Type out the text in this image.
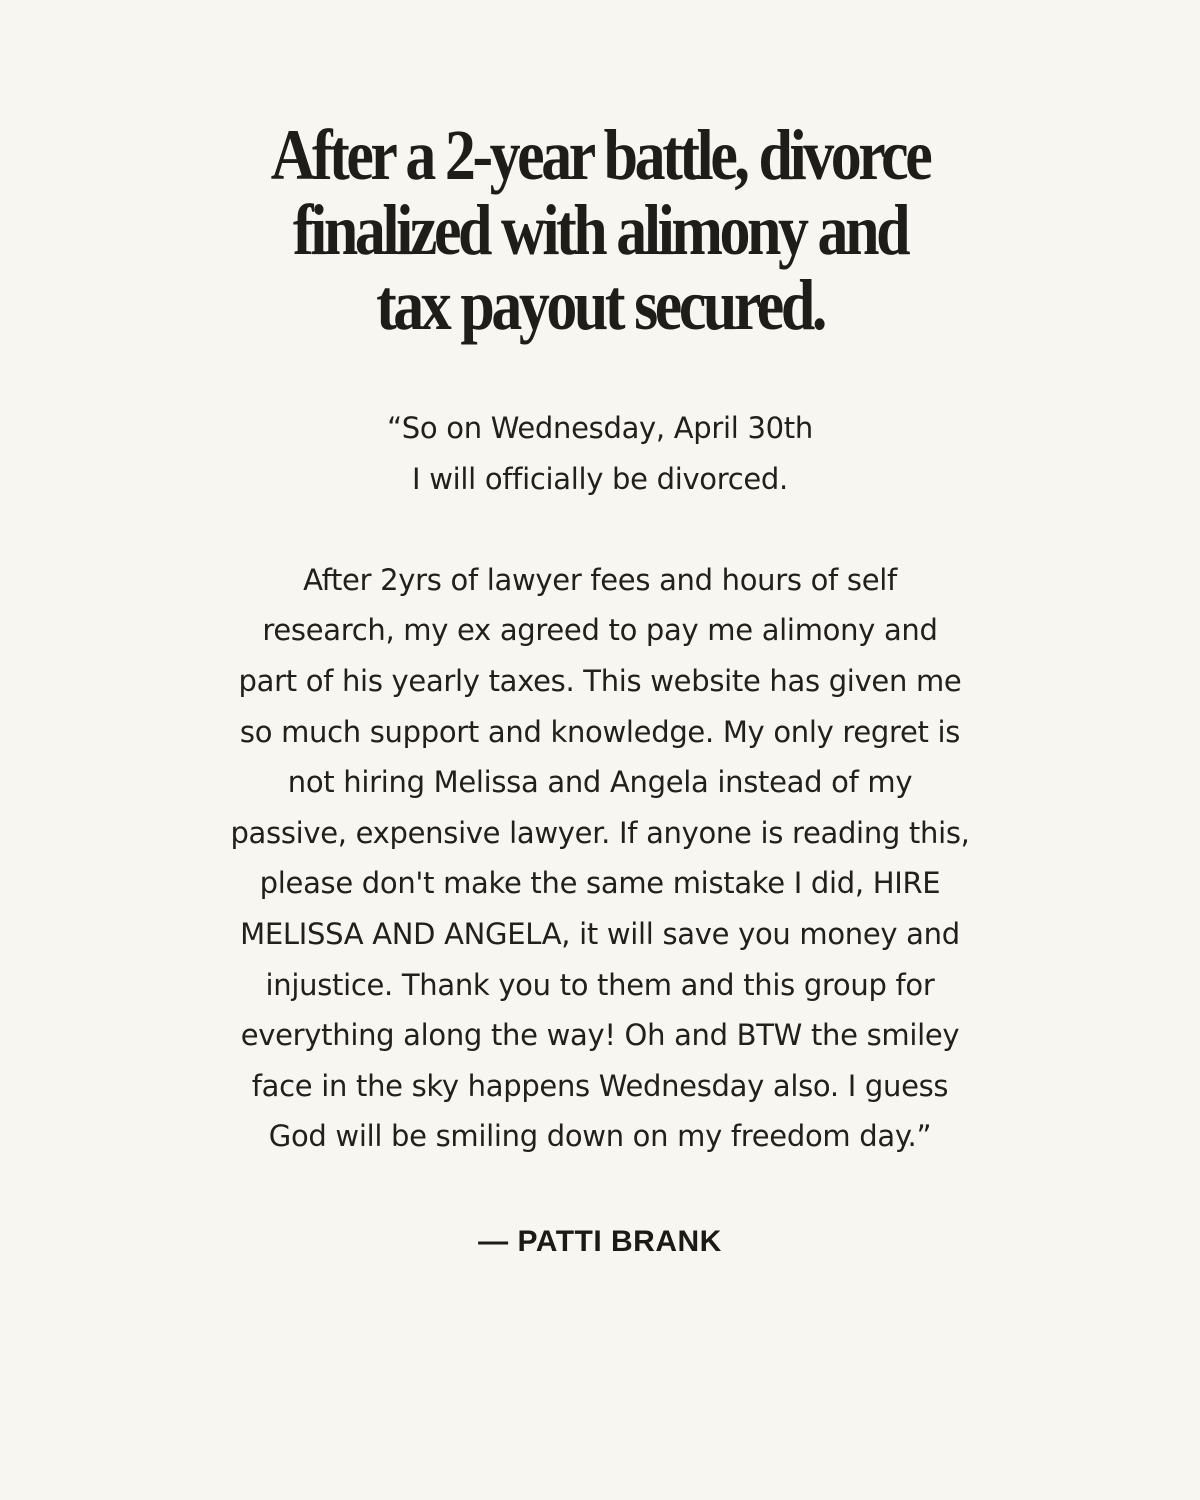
After a 2-year battle, divorce
finalized with alimony and
tax payout secured.
“So on Wednesday, April 30th
I will officially be divorced.
After 2yrs of lawyer fees and hours of self
research, my ex agreed to pay me alimony and
part of his yearly taxes. This website has given me
so much support and knowledge. My only regret is
not hiring Melissa and Angela instead of my
passive, expensive lawyer. If anyone is reading this,
please don't make the same mistake I did, HIRE
MELISSA AND ANGELA, it will save you money and
injustice. Thank you to them and this group for
everything along the way! Oh and BTW the smiley
face in the sky happens Wednesday also. I guess
God will be smiling down on my freedom day.”
— PATTI BRANK
